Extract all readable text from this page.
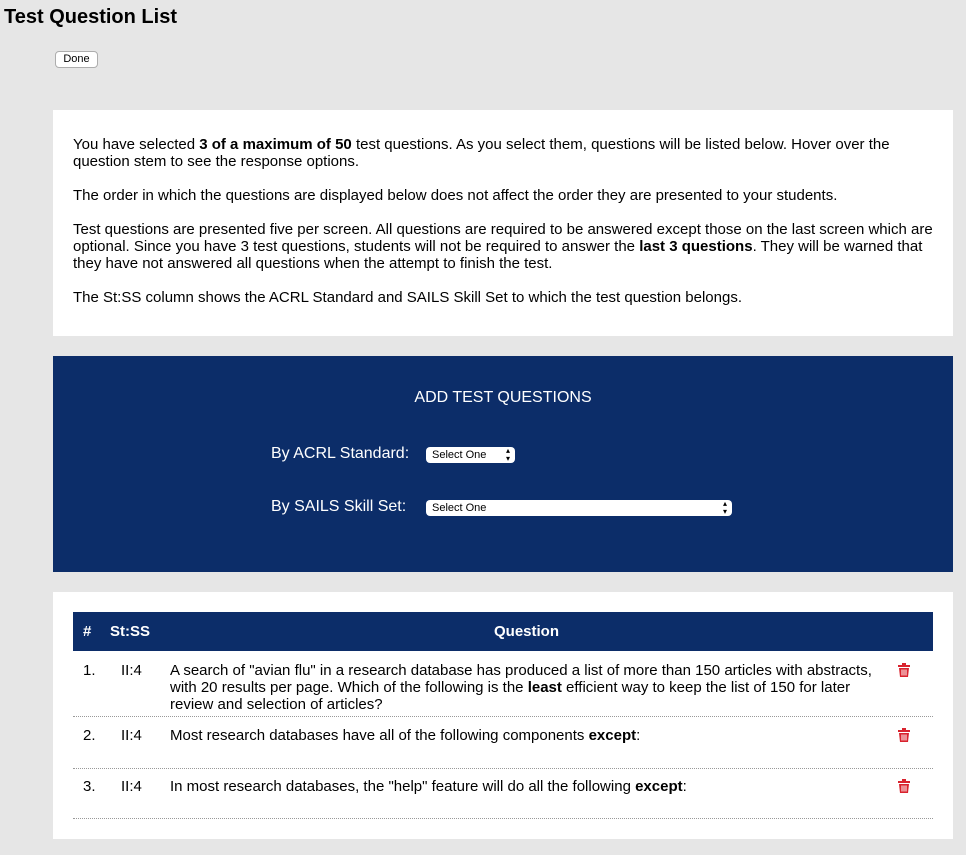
Test Question List
Done

You have selected 3 of a maximum of 50 test questions. As you select them, questions will be listed below. Hover over the question stem to see the response options.

The order in which the questions are displayed below does not affect the order they are presented to your students.

Test questions are presented five per screen. All questions are required to be answered except those on the last screen which are optional. Since you have 3 test questions, students will not be required to answer the last 3 questions. They will be warned that they have not answered all questions when the attempt to finish the test.

The St:SS column shows the ACRL Standard and SAILS Skill Set to which the test question belongs.

ADD TEST QUESTIONS
By ACRL Standard:	Select One ▴
▾
By SAILS Skill Set:	Select One	▴
▾
# St:SS	Question
1. II:4 A search of "avian flu" in a research database has produced a list of more than 150 articles with abstracts, with 20 results per page. Which of the following is the least efficient way to keep the list of 150 for later review and selection of articles?
2. II:4 Most research databases have all of the following components except:
3. II:4 In most research databases, the "help" feature will do all the following except:
